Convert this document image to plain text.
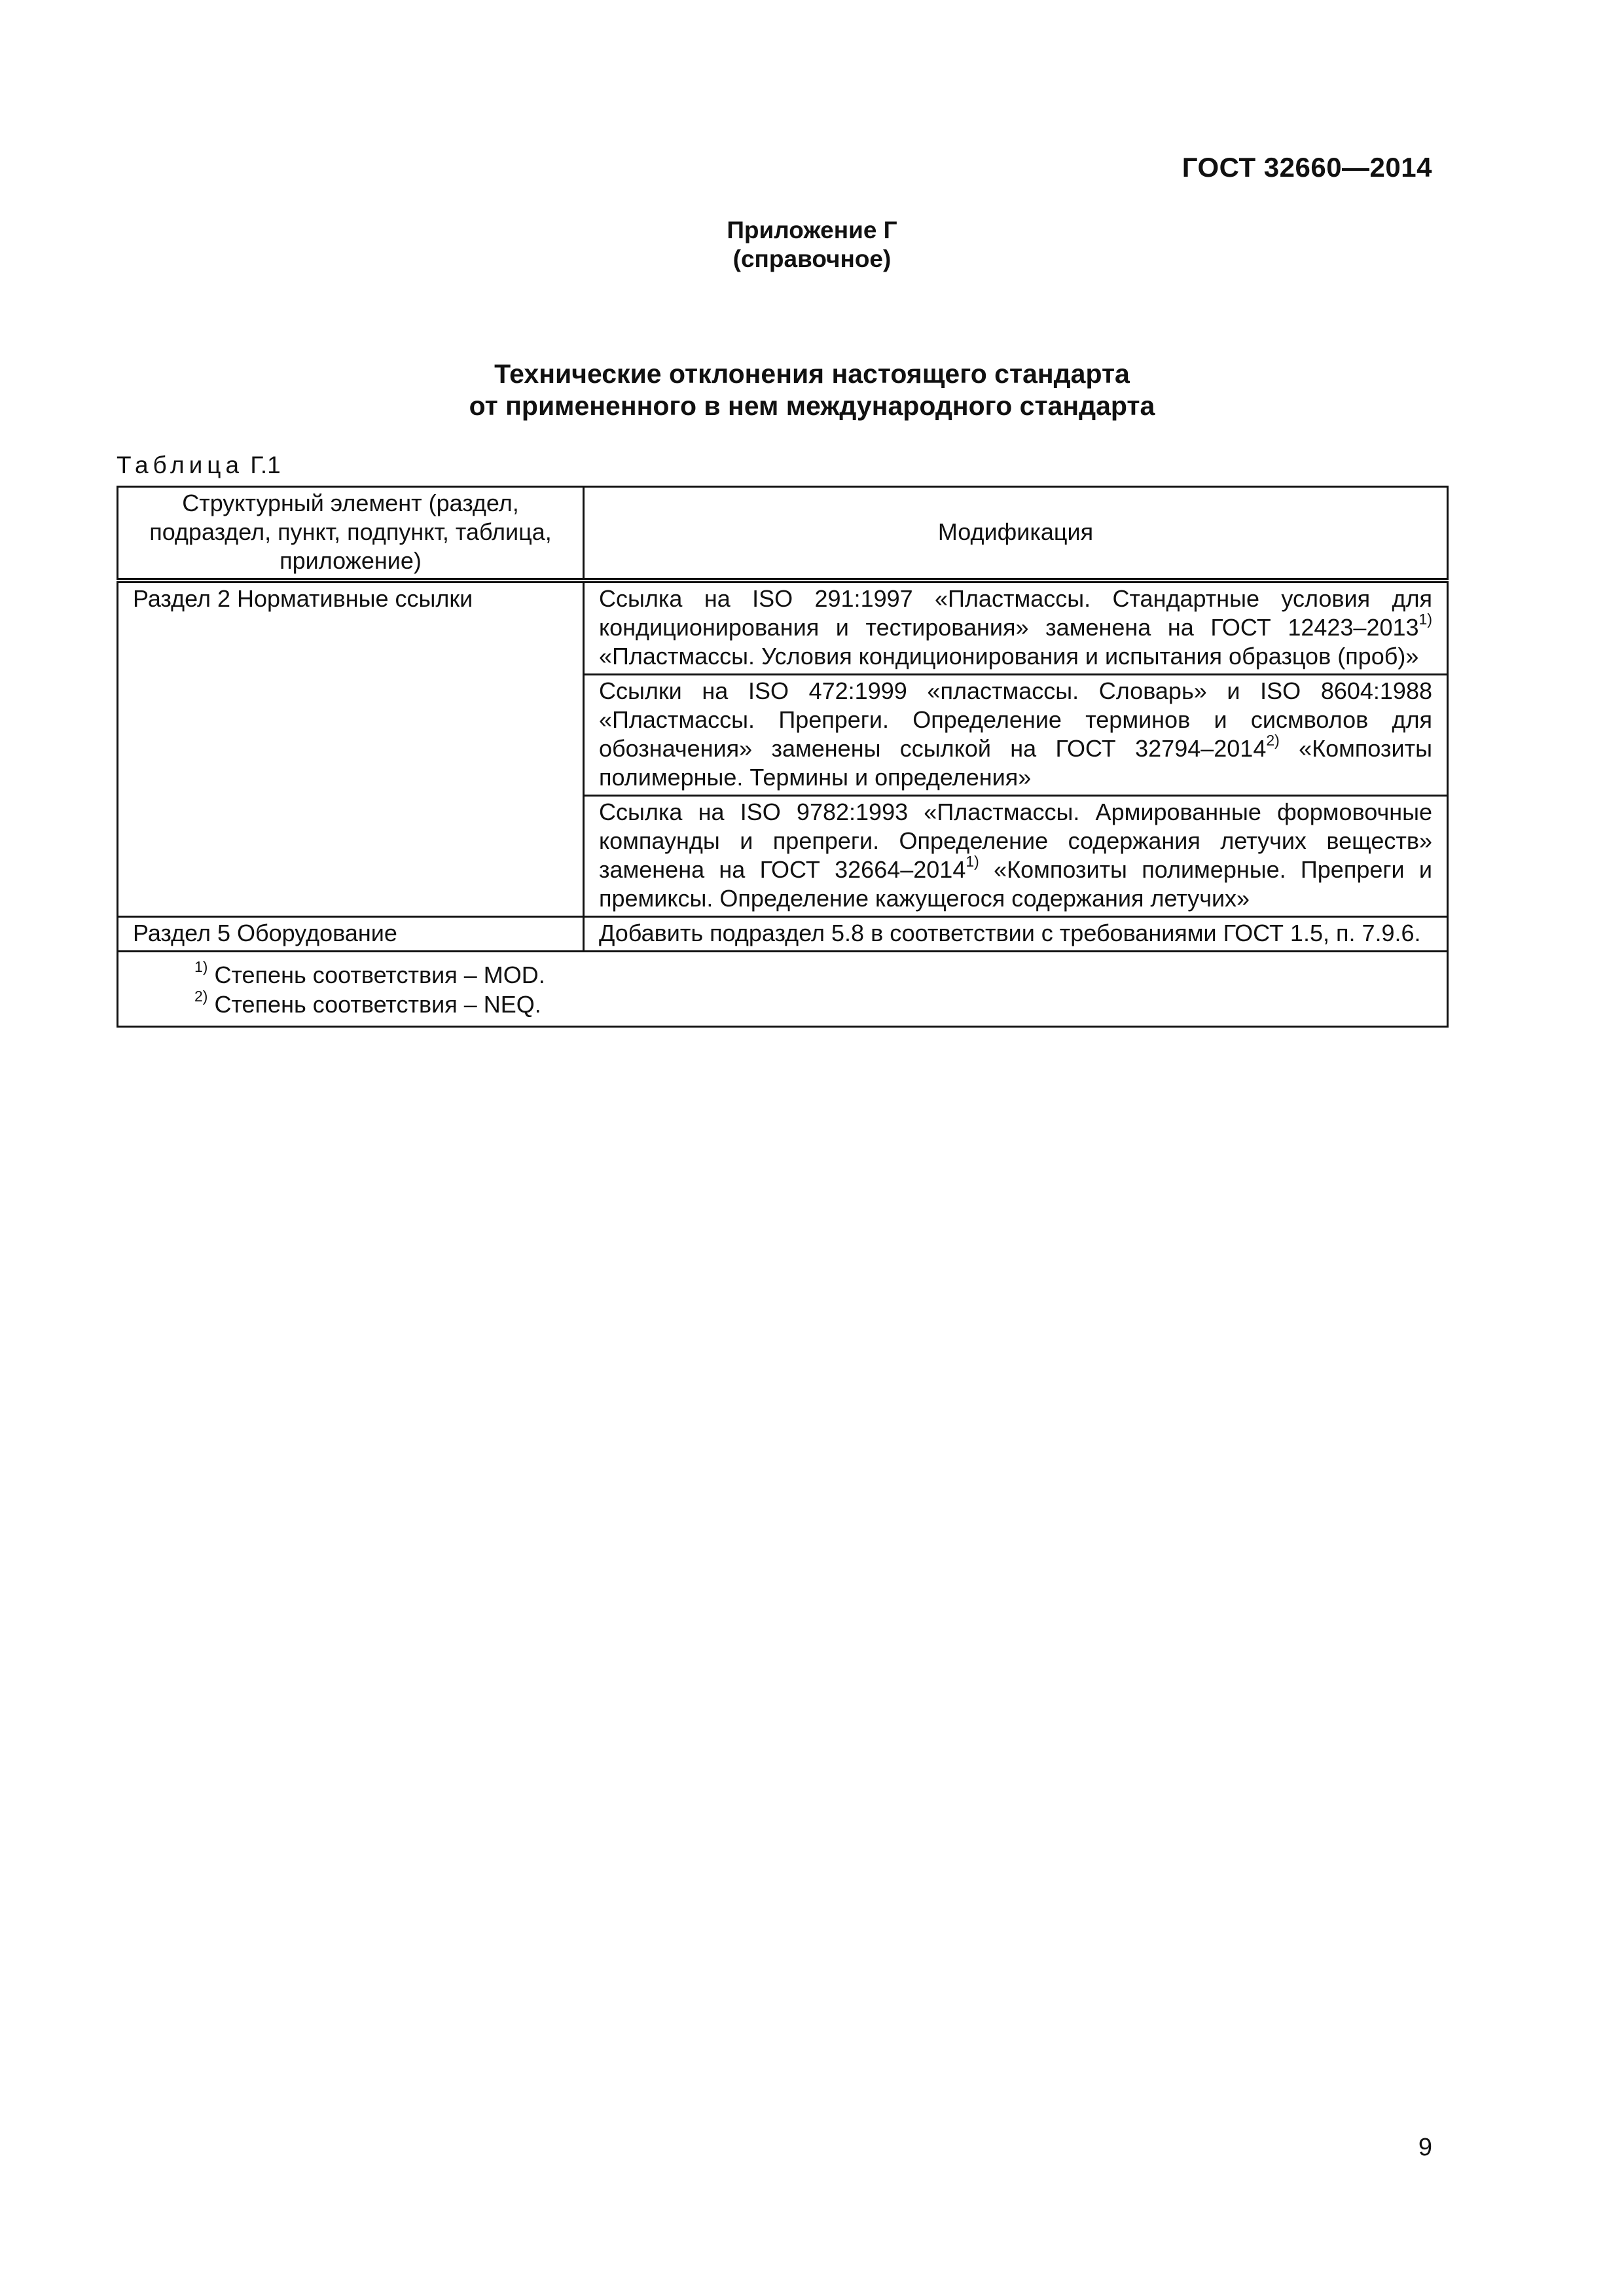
ГОСТ 32660—2014
Приложение Г
(справочное)
Технические отклонения настоящего стандарта
от примененного в нем международного стандарта
Таблица Г.1
Структурный элемент (раздел, подраздел, пункт, подпункт, таблица, приложение)	Модификация
Раздел 2 Нормативные ссылки	Ссылка на ISO 291:1997 «Пластмассы. Стандартные условия для кондиционирования и тестирования» заменена на ГОСТ 12423–2013$^{1)}$ «Пластмассы. Условия кондиционирования и испытания образцов (проб)»
	Ссылки на ISO 472:1999 «пластмассы. Словарь» и ISO 8604:1988 «Пластмассы. Препреги. Определение терминов и сисмволов для обозначения» заменены ссылкой на ГОСТ 32794–2014$^{2)}$ «Композиты полимерные. Термины и определения»
	Ссылка на ISO 9782:1993 «Пластмассы. Армированные формовочные компаунды и препреги. Определение содержания летучих веществ» заменена на ГОСТ 32664–2014$^{1)}$ «Композиты полимерные. Препреги и премиксы. Определение кажущегося содержания летучих»
Раздел 5 Оборудование	Добавить подраздел 5.8 в соответствии с требованиями ГОСТ 1.5, п. 7.9.6.

$^{1)}$ Степень соответствия – MOD.
$^{2)}$ Степень соответствия – NEQ.	
9
